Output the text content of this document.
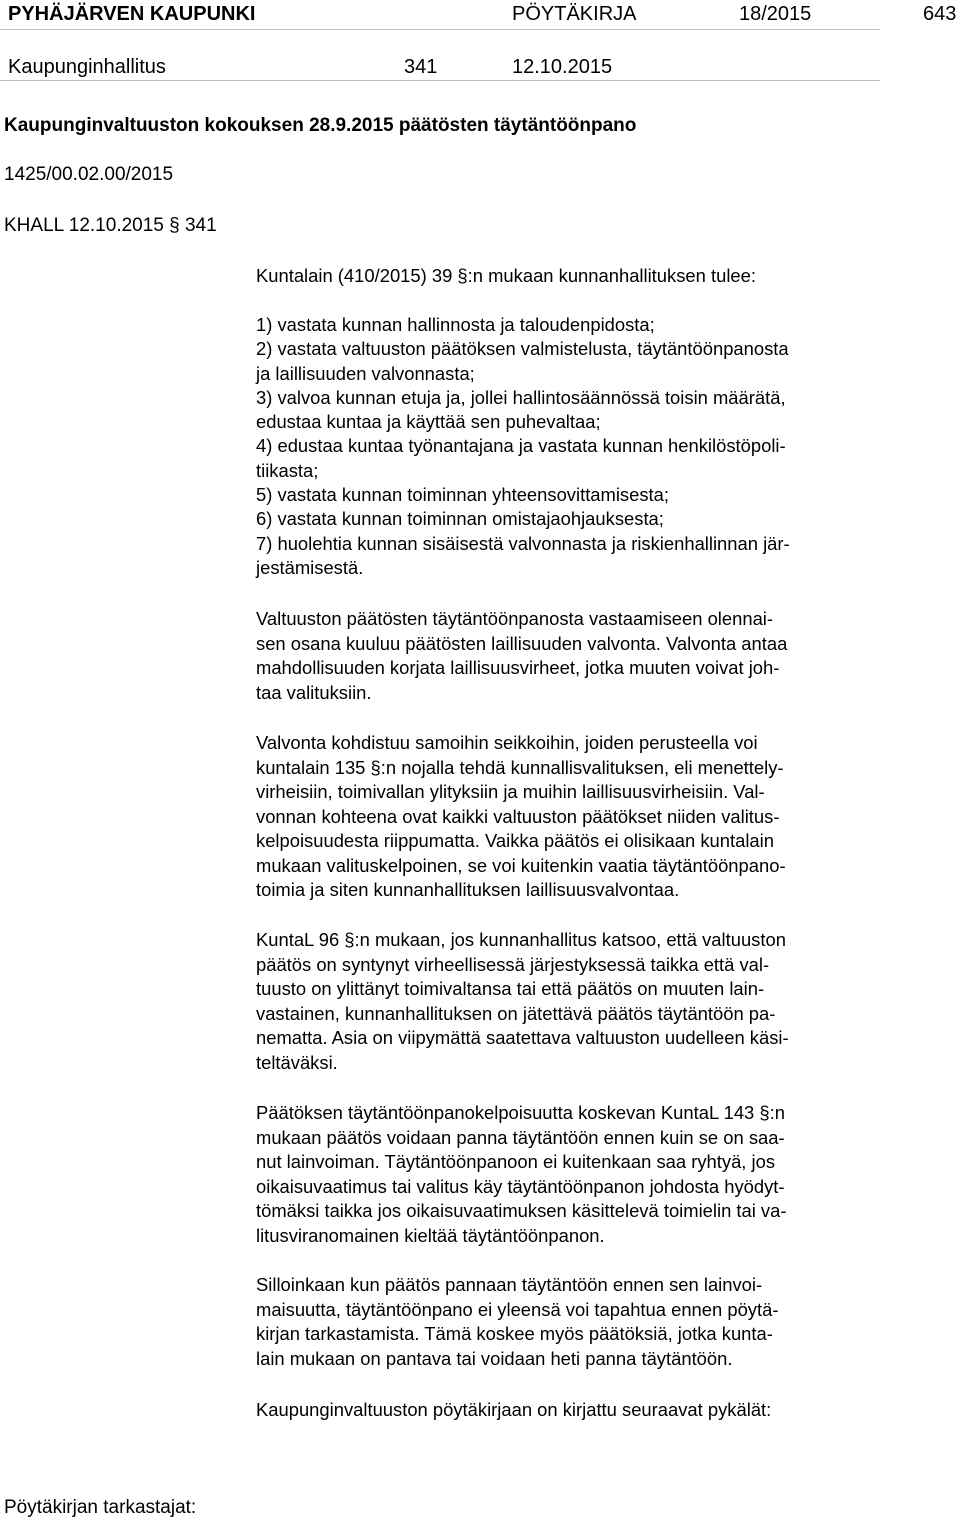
PYHÄJÄRVEN KAUPUNKI	PÖYTÄKIRJA	18/2015	643
Kaupunginhallitus	341	12.10.2015
Kaupunginvaltuuston kokouksen 28.9.2015 päätösten täytäntöönpano
1425/00.02.00/2015
KHALL 12.10.2015 § 341
Kuntalain (410/2015) 39 §:n mukaan kunnanhallituksen tulee:
1) vastata kunnan hallinnosta ja taloudenpidosta;
2) vastata valtuuston päätöksen valmistelusta, täytäntöönpanosta
ja laillisuuden valvonnasta;
3) valvoa kunnan etuja ja, jollei hallintosäännössä toisin määrätä,
edustaa kuntaa ja käyttää sen puhevaltaa;
4) edustaa kuntaa työnantajana ja vastata kunnan henkilöstöpoli-
tiikasta;
5) vastata kunnan toiminnan yhteensovittamisesta;
6) vastata kunnan toiminnan omistajaohjauksesta;
7) huolehtia kunnan sisäisestä valvonnasta ja riskienhallinnan jär-
jestämisestä.
Valtuuston päätösten täytäntöönpanosta vastaamiseen olennai-
sen osana kuuluu päätösten laillisuuden valvonta. Valvonta antaa
mahdollisuuden korjata laillisuusvirheet, jotka muuten voivat joh-
taa valituksiin.
Valvonta kohdistuu samoihin seikkoihin, joiden perusteella voi
kuntalain 135 §:n nojalla tehdä kunnallisvalituksen, eli menettely-
virheisiin, toimivallan ylityksiin ja muihin laillisuusvirheisiin. Val-
vonnan kohteena ovat kaikki valtuuston päätökset niiden valitus-
kelpoisuudesta riippumatta. Vaikka päätös ei olisikaan kuntalain
mukaan valituskelpoinen, se voi kuitenkin vaatia täytäntöönpano-
toimia ja siten kunnanhallituksen laillisuusvalvontaa.
KuntaL 96 §:n mukaan, jos kunnanhallitus katsoo, että valtuuston
päätös on syntynyt virheellisessä järjestyksessä taikka että val-
tuusto on ylittänyt toimivaltansa tai että päätös on muuten lain-
vastainen, kunnanhallituksen on jätettävä päätös täytäntöön pa-
nematta. Asia on viipymättä saatettava valtuuston uudelleen käsi-
teltäväksi.
Päätöksen täytäntöönpanokelpoisuutta koskevan KuntaL 143 §:n
mukaan päätös voidaan panna täytäntöön ennen kuin se on saa-
nut lainvoiman. Täytäntöönpanoon ei kuitenkaan saa ryhtyä, jos
oikaisuvaatimus tai valitus käy täytäntöönpanon johdosta hyödyt-
tömäksi taikka jos oikaisuvaatimuksen käsittelevä toimielin tai va-
litusviranomainen kieltää täytäntöönpanon.
Silloinkaan kun päätös pannaan täytäntöön ennen sen lainvoi-
maisuutta, täytäntöönpano ei yleensä voi tapahtua ennen pöytä-
kirjan tarkastamista. Tämä koskee myös päätöksiä, jotka kunta-
lain mukaan on pantava tai voidaan heti panna täytäntöön.
Kaupunginvaltuuston pöytäkirjaan on kirjattu seuraavat pykälät:
Pöytäkirjan tarkastajat:
